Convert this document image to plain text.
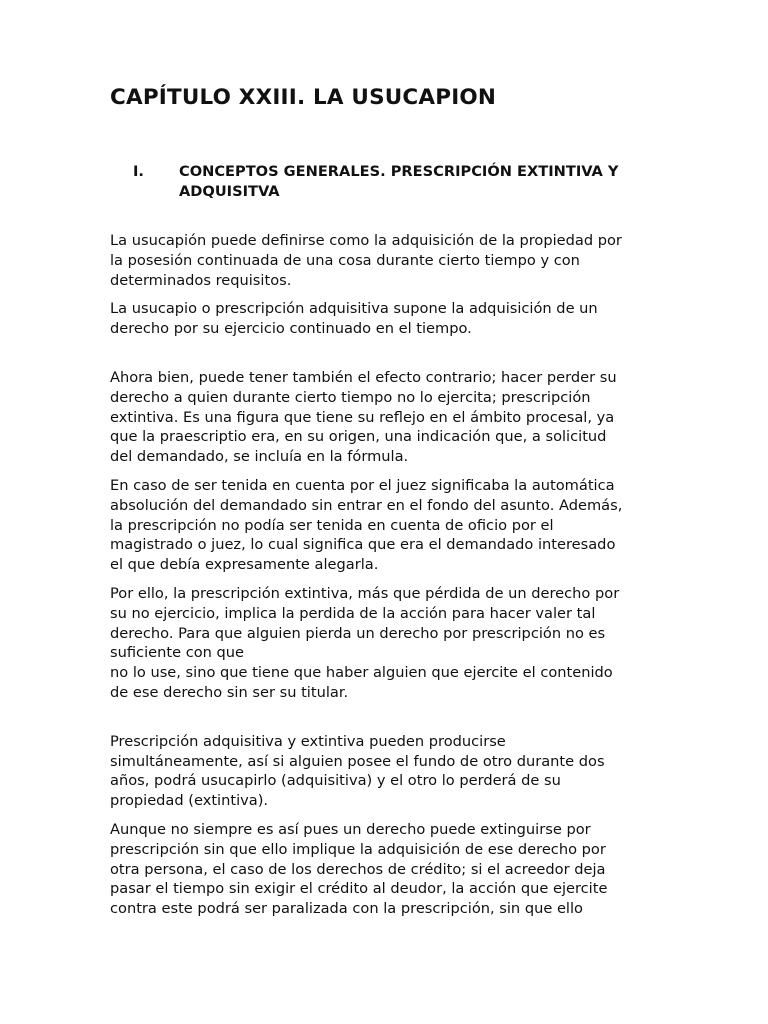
CAPÍTULO XXIII. LA USUCAPION
I.	CONCEPTOS GENERALES. PRESCRIPCIÓN EXTINTIVA Y
ADQUISITVA

La usucapión puede definirse como la adquisición de la propiedad por
la posesión continuada de una cosa durante cierto tiempo y con
determinados requisitos.

La usucapio o prescripción adquisitiva supone la adquisición de un
derecho por su ejercicio continuado en el tiempo.

Ahora bien, puede tener también el efecto contrario; hacer perder su
derecho a quien durante cierto tiempo no lo ejercita; prescripción
extintiva. Es una figura que tiene su reflejo en el ámbito procesal, ya
que la praescriptio era, en su origen, una indicación que, a solicitud
del demandado, se incluía en la fórmula.

En caso de ser tenida en cuenta por el juez significaba la automática
absolución del demandado sin entrar en el fondo del asunto. Además,
la prescripción no podía ser tenida en cuenta de oficio por el
magistrado o juez, lo cual significa que era el demandado interesado
el que debía expresamente alegarla.

Por ello, la prescripción extintiva, más que pérdida de un derecho por
su no ejercicio, implica la perdida de la acción para hacer valer tal
derecho. Para que alguien pierda un derecho por prescripción no es
suficiente con que
no lo use, sino que tiene que haber alguien que ejercite el contenido
de ese derecho sin ser su titular.

Prescripción adquisitiva y extintiva pueden producirse
simultáneamente, así si alguien posee el fundo de otro durante dos
años, podrá usucapirlo (adquisitiva) y el otro lo perderá de su
propiedad (extintiva).

Aunque no siempre es así pues un derecho puede extinguirse por
prescripción sin que ello implique la adquisición de ese derecho por
otra persona, el caso de los derechos de crédito; si el acreedor deja
pasar el tiempo sin exigir el crédito al deudor, la acción que ejercite
contra este podrá ser paralizada con la prescripción, sin que ello
